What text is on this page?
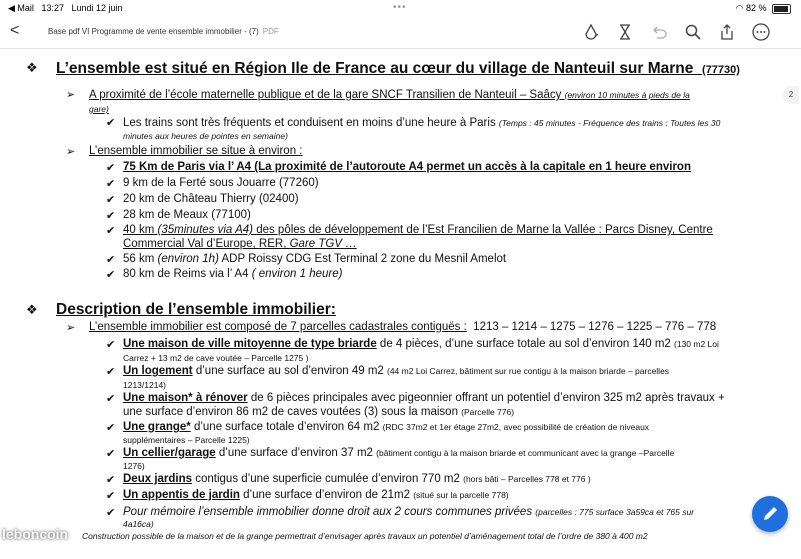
◀ Mail 13:27 Lundi 12 juin	•••	◠ 82 %
<	Base pdf VI Programme de vente ensemble immobilier - (7) PDF
2
❖ L’ensemble est situé en Région Ile de France au cœur du village de Nanteuil sur Marne (77730)
➢ A proximité de l’école maternelle publique et de la gare SNCF Transilien de Nanteuil – Saâcy (environ 10 minutes à pieds de la
gare)
✔ Les trains sont très fréquents et conduisent en moins d’une heure à Paris (Temps : 45 minutes - Fréquence des trains : Toutes les 30
minutes aux heures de pointes en semaine)
➢ L’ensemble immobilier se situe à environ :
✔ 75 Km de Paris via l’ A4 (La proximité de l’autoroute A4 permet un accès à la capitale en 1 heure environ
✔ 9 km de la Ferté sous Jouarre (77260)
✔ 20 km de Château Thierry (02400)
✔ 28 km de Meaux (77100)
✔ 40 km (35minutes via A4) des pôles de développement de l’Est Francilien de Marne la Vallée : Parcs Disney, Centre
Commercial Val d’Europe, RER, Gare TGV …
✔ 56 km (environ 1h) ADP Roissy CDG Est Terminal 2 zone du Mesnil Amelot
✔ 80 km de Reims via l’ A4 ( environ 1 heure)
❖ Description de l’ensemble immobilier:
➢ L’ensemble immobilier est composé de 7 parcelles cadastrales contiguës : 1213 – 1214 – 1275 – 1276 – 1225 – 776 – 778
✔ Une maison de ville mitoyenne de type briarde de 4 pièces, d’une surface totale au sol d’environ 140 m2 (130 m2 Loi
Carrez + 13 m2 de cave voutée – Parcelle 1275 )
✔ Un logement d’une surface au sol d’environ 49 m2 (44 m2 Loi Carrez, bâtiment sur rue contigu à la maison briarde – parcelles
1213/1214)
✔ Une maison* à rénover de 6 pièces principales avec pigeonnier offrant un potentiel d’environ 325 m2 après travaux +
une surface d’environ 86 m2 de caves voutées (3) sous la maison (Parcelle 776)
✔ Une grange* d’une surface totale d’environ 64 m2 (RDC 37m2 et 1er étage 27m2, avec possibilité de création de niveaux
supplémentaires – Parcelle 1225)
✔ Un cellier/garage d’une surface d’environ 37 m2 (bâtiment contigu à la maison briarde et communicant avec la grange –Parcelle
1276)
✔ Deux jardins contigus d’une superficie cumulée d’environ 770 m2 (hors bâti – Parcelles 778 et 776 )
✔ Un appentis de jardin d’une surface d’environ de 21m2 (situé sur la parcelle 778)
✔ Pour mémoire l’ensemble immobilier donne droit aux 2 cours communes privées (parcelles : 775 surface 3a59ca et 765 sur
4a16ca)
Construction possible de la maison et de la grange permettrait d’envisager après travaux un potentiel d’aménagement total de l’ordre de 380 à 400 m2
leboncoin
